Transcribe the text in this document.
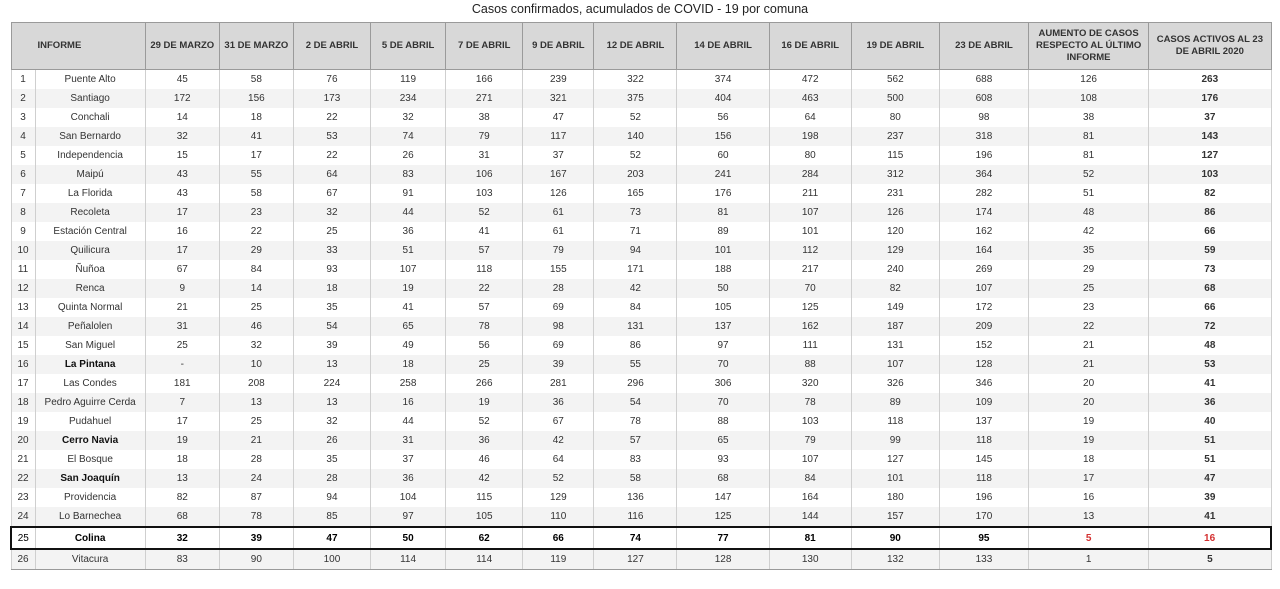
Casos confirmados, acumulados de COVID - 19 por comuna
INFORME		29 DE MARZO	31 DE MARZO	2 DE ABRIL	5 DE ABRIL	7 DE ABRIL	9 DE ABRIL	12 DE ABRIL	14 DE ABRIL	16 DE ABRIL	19 DE ABRIL	23 DE ABRIL	AUMENTO DE CASOS RESPECTO AL ÚLTIMO INFORME	CASOS ACTIVOS AL 23 DE ABRIL 2020
1	Puente Alto	45	58	76	119	166	239	322	374	472	562	688	126	263
2	Santiago	172	156	173	234	271	321	375	404	463	500	608	108	176
3	Conchali	14	18	22	32	38	47	52	56	64	80	98	38	37
4	San Bernardo	32	41	53	74	79	117	140	156	198	237	318	81	143
5	Independencia	15	17	22	26	31	37	52	60	80	115	196	81	127
6	Maipú	43	55	64	83	106	167	203	241	284	312	364	52	103
7	La Florida	43	58	67	91	103	126	165	176	211	231	282	51	82
8	Recoleta	17	23	32	44	52	61	73	81	107	126	174	48	86
9	Estación Central	16	22	25	36	41	61	71	89	101	120	162	42	66
10	Quilicura	17	29	33	51	57	79	94	101	112	129	164	35	59
11	Ñuñoa	67	84	93	107	118	155	171	188	217	240	269	29	73
12	Renca	9	14	18	19	22	28	42	50	70	82	107	25	68
13	Quinta Normal	21	25	35	41	57	69	84	105	125	149	172	23	66
14	Peñalolen	31	46	54	65	78	98	131	137	162	187	209	22	72
15	San Miguel	25	32	39	49	56	69	86	97	111	131	152	21	48
16	La Pintana	-	10	13	18	25	39	55	70	88	107	128	21	53
17	Las Condes	181	208	224	258	266	281	296	306	320	326	346	20	41
18	Pedro Aguirre Cerda	7	13	13	16	19	36	54	70	78	89	109	20	36
19	Pudahuel	17	25	32	44	52	67	78	88	103	118	137	19	40
20	Cerro Navia	19	21	26	31	36	42	57	65	79	99	118	19	51
21	El Bosque	18	28	35	37	46	64	83	93	107	127	145	18	51
22	San Joaquín	13	24	28	36	42	52	58	68	84	101	118	17	47
23	Providencia	82	87	94	104	115	129	136	147	164	180	196	16	39
24	Lo Barnechea	68	78	85	97	105	110	116	125	144	157	170	13	41
25	Colina	32	39	47	50	62	66	74	77	81	90	95	5	16
26	Vitacura	83	90	100	114	114	119	127	128	130	132	133	1	5
